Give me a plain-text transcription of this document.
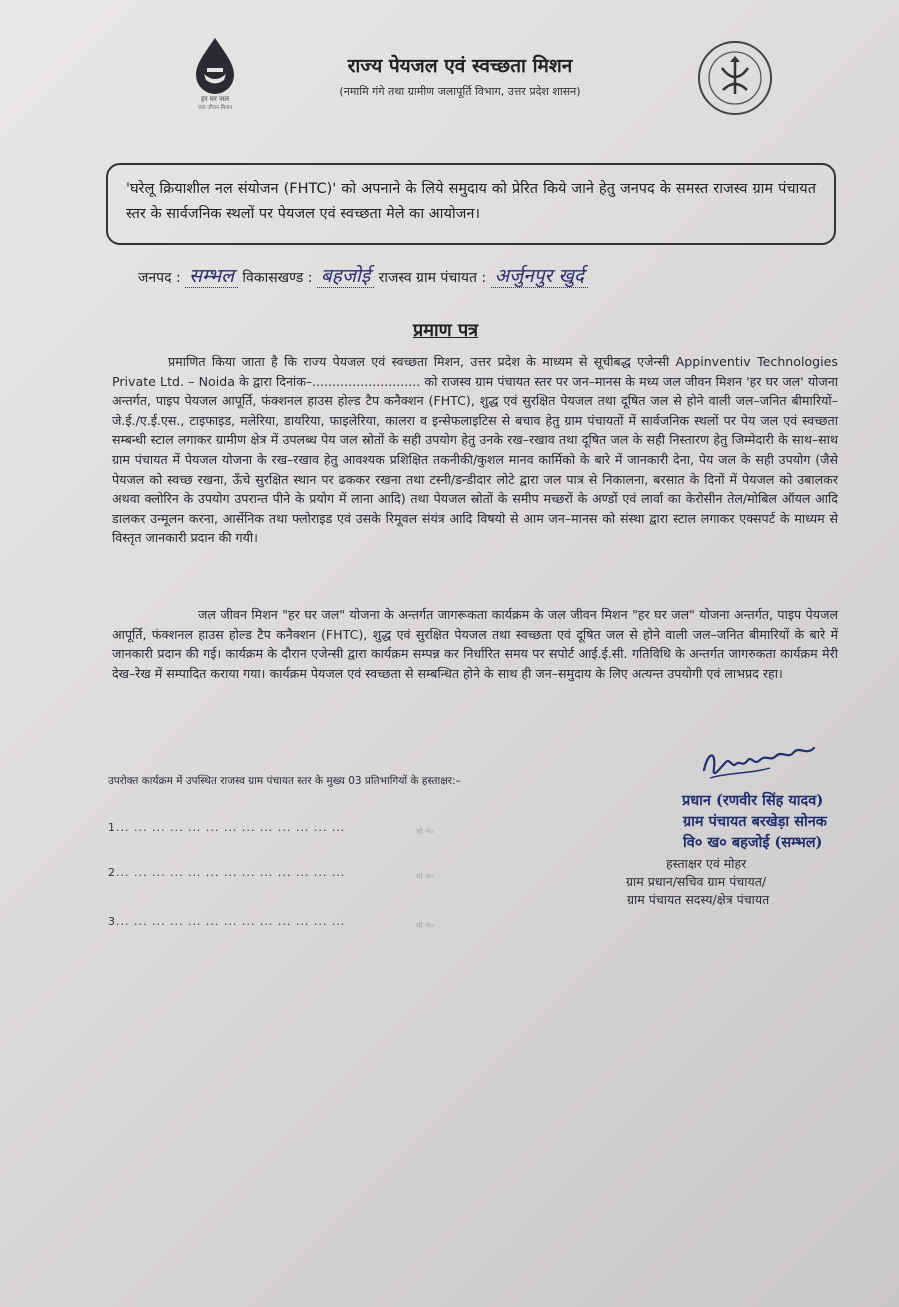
हर घर जल
जल जीवन मिशन
राज्य पेयजल एवं स्वच्छता मिशन
(नमामि गंगे तथा ग्रामीण जलापूर्ति विभाग, उत्तर प्रदेश शासन)
'घरेलू क्रियाशील नल संयोजन (FHTC)' को अपनाने के लिये समुदाय को प्रेरित किये जाने हेतु जनपद के समस्त राजस्व ग्राम पंचायत स्तर के सार्वजनिक स्थलों पर पेयजल एवं स्वच्छता मेले का आयोजन।
जनपद : सम्भल विकासखण्ड : बहजोई राजस्व ग्राम पंचायत : अर्जुनपुर खुर्द
प्रमाण पत्र
प्रमाणित किया जाता है कि राज्य पेयजल एवं स्वच्छता मिशन, उत्तर प्रदेश के माध्यम से सूचीबद्ध एजेन्सी Appinventiv Technologies Private Ltd. – Noida के द्वारा दिनांक–........................... को राजस्व ग्राम पंचायत स्तर पर जन–मानस के मध्य जल जीवन मिशन 'हर घर जल' योजना अन्तर्गत, पाइप पेयजल आपूर्ति, फंक्शनल हाउस होल्ड टैप कनैक्शन (FHTC), शुद्ध एवं सुरक्षित पेयजल तथा दूषित जल से होने वाली जल–जनित बीमारियों–जे.ई./ए.ई.एस., टाइफाइड, मलेरिया, डायरिया, फाइलेरिया, कालरा व इन्सेफलाइटिस से बचाव हेतु ग्राम पंचायतों में सार्वजनिक स्थलों पर पेय जल एवं स्वच्छता सम्बन्धी स्टाल लगाकर ग्रामीण क्षेत्र में उपलब्ध पेय जल स्रोतों के सही उपयोग हेतु उनके रख–रखाव तथा दूषित जल के सही निस्तारण हेतु जिम्मेदारी के साथ–साथ ग्राम पंचायत में पेयजल योजना के रख–रखाव हेतु आवश्यक प्रशिक्षित तकनीकी/कुशल मानव कार्मिको के बारे में जानकारी देना, पेय जल के सही उपयोग (जैसे पेयजल को स्वच्छ रखना, ऊँचे सुरक्षित स्थान पर ढककर रखना तथा टस्नी/डन्डीदार लोटे द्वारा जल पात्र से निकालना, बरसात के दिनों में पेयजल को उबालकर अथवा क्लोरिन के उपयोग उपरान्त पीने के प्रयोग में लाना आदि) तथा पेयजल स्रोतों के समीप मच्छरों के अण्डों एवं लार्वा का केरोसीन तेल/मोबिल ऑयल आदि डालकर उन्मूलन करना, आर्सेनिक तथा फ्लोराइड एवं उसके रिमूवल संयंत्र आदि विषयो से आम जन–मानस को संस्था द्वारा स्टाल लगाकर एक्सपर्ट के माध्यम से विस्तृत जानकारी प्रदान की गयी।
जल जीवन मिशन "हर घर जल" योजना के अन्तर्गत जागरूकता कार्यक्रम के जल जीवन मिशन "हर घर जल" योजना अन्तर्गत, पाइप पेयजल आपूर्ति, फंक्शनल हाउस होल्ड टैप कनैक्शन (FHTC), शुद्ध एवं सुरक्षित पेयजल तथा स्वच्छता एवं दूषित जल से होने वाली जल–जनित बीमारियों के बारे में जानकारी प्रदान की गई। कार्यक्रम के दौरान एजेन्सी द्वारा कार्यक्रम सम्पन्न कर निर्धारित समय पर सपोर्ट आई.ई.सी. गतिविधि के अन्तर्गत जागरुकता कार्यक्रम मेरी देख–रेख में सम्पादित कराया गया। कार्यक्रम पेयजल एवं स्वच्छता से सम्बन्धित होने के साथ ही जन–समुदाय के लिए अत्यन्त उपयोगी एवं लाभप्रद रहा।
उपरोक्त कार्यक्रम में उपस्थित राजस्व ग्राम पंचायत स्तर के मुख्य 03 प्रतिभागियों के हस्ताक्षर:–
1... ... ... ... ... ... ... ... ... ... ... ... ...
2... ... ... ... ... ... ... ... ... ... ... ... ...
3... ... ... ... ... ... ... ... ... ... ... ... ...
मो नं०
मो नं०
मो नं०
प्रधान (रणवीर सिंह यादव)
ग्राम पंचायत बरखेड़ा सोनक
वि० ख० बहजोई (सम्भल)
हस्ताक्षर एवं मोहर
ग्राम प्रधान/सचिव ग्राम पंचायत/
ग्राम पंचायत सदस्य/क्षेत्र पंचायत
